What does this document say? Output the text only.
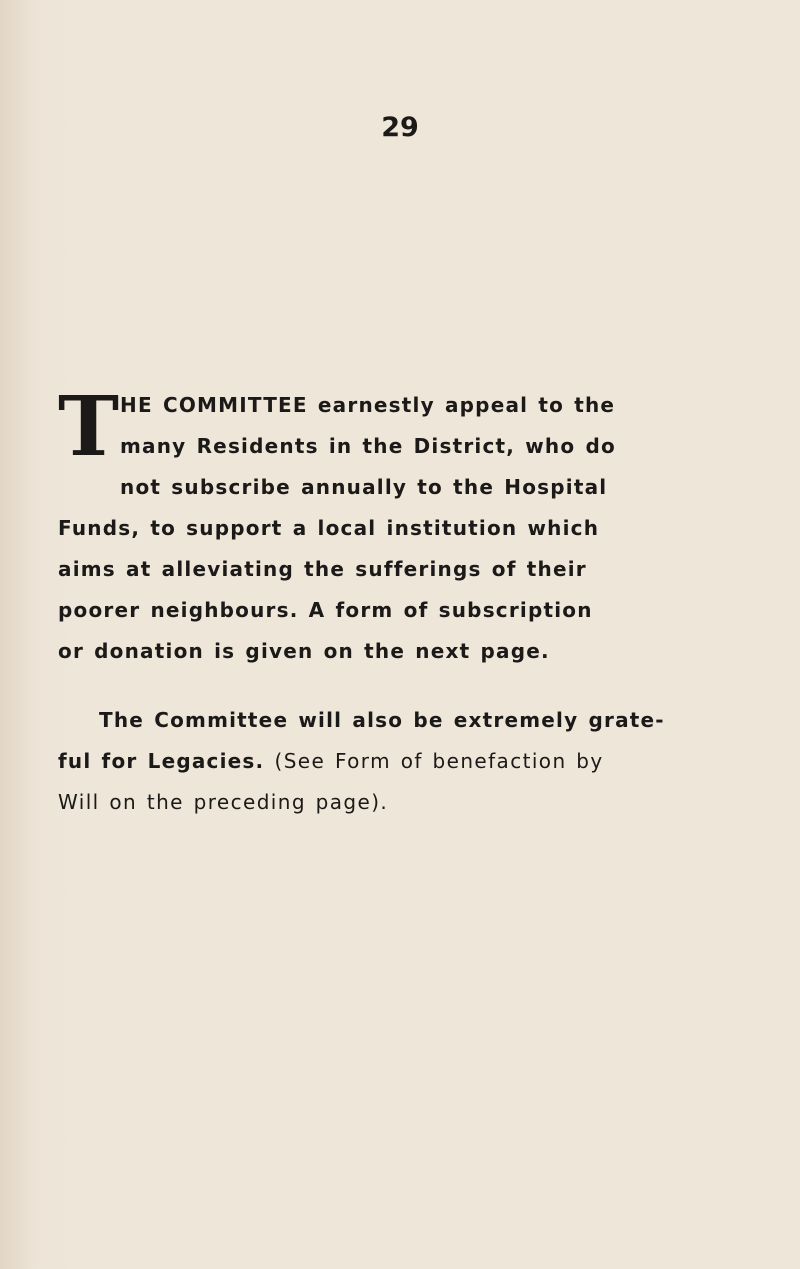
29
T HE COMMITTEE earnestly appeal to the
many Residents in the District, who do
not subscribe annually to the Hospital
Funds, to support a local institution which
aims at alleviating the sufferings of their
poorer neighbours. A form of subscription
or donation is given on the next page.
The Committee will also be extremely grate-
ful for Legacies. (See Form of benefaction by
Will on the preceding page).
